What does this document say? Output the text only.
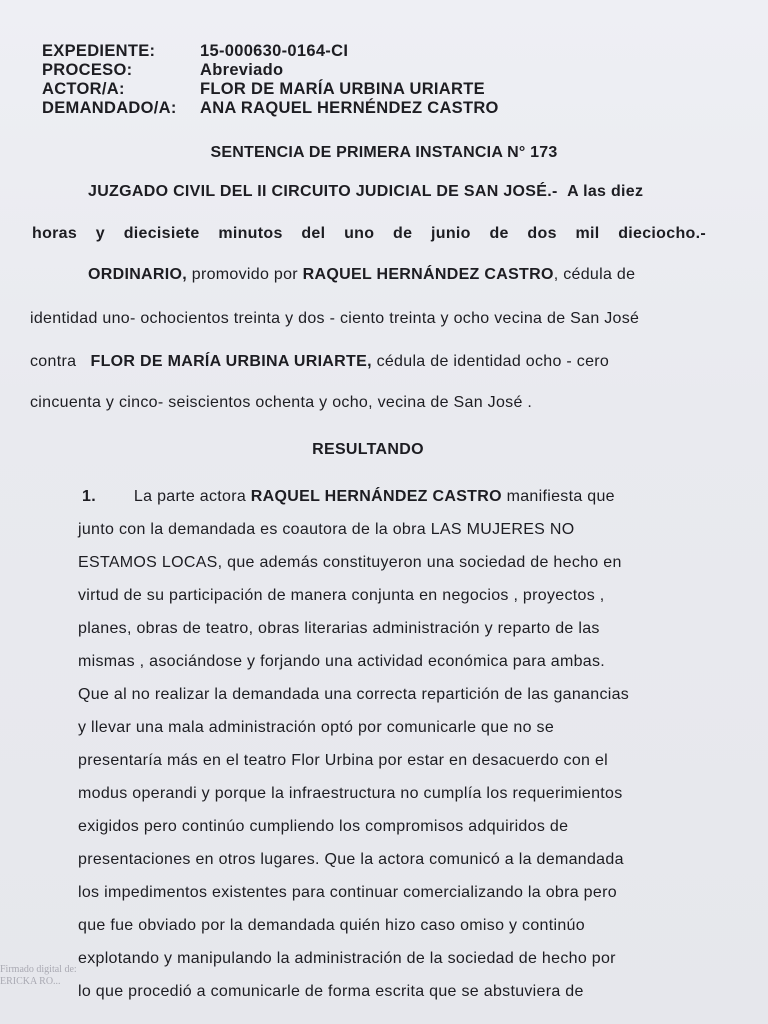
EXPEDIENTE:	15-000630-0164-CI
PROCESO:	Abreviado
ACTOR/A:	FLOR DE MARÍA URBINA URIARTE
DEMANDADO/A:	ANA RAQUEL HERNÉNDEZ CASTRO
SENTENCIA DE PRIMERA INSTANCIA N° 173
JUZGADO CIVIL DEL II CIRCUITO JUDICIAL DE SAN JOSÉ.- A las diez
horas y diecisiete minutos del uno de junio de dos mil dieciocho.-
ORDINARIO, promovido por RAQUEL HERNÁNDEZ CASTRO, cédula de
identidad uno- ochocientos treinta y dos - ciento treinta y ocho vecina de San José
contra FLOR DE MARÍA URBINA URIARTE, cédula de identidad ocho - cero
cincuenta y cinco- seiscientos ochenta y ocho, vecina de San José .
RESULTANDO
1. La parte actora RAQUEL HERNÁNDEZ CASTRO manifiesta que
junto con la demandada es coautora de la obra LAS MUJERES NO
ESTAMOS LOCAS, que además constituyeron una sociedad de hecho en
virtud de su participación de manera conjunta en negocios , proyectos ,
planes, obras de teatro, obras literarias administración y reparto de las
mismas , asociándose y forjando una actividad económica para ambas.
Que al no realizar la demandada una correcta repartición de las ganancias
y llevar una mala administración optó por comunicarle que no se
presentaría más en el teatro Flor Urbina por estar en desacuerdo con el
modus operandi y porque la infraestructura no cumplía los requerimientos
exigidos pero continúo cumpliendo los compromisos adquiridos de
presentaciones en otros lugares. Que la actora comunicó a la demandada
los impedimentos existentes para continuar comercializando la obra pero
que fue obviado por la demandada quién hizo caso omiso y continúo
explotando y manipulando la administración de la sociedad de hecho por
lo que procedió a comunicarle de forma escrita que se abstuviera de
Firmado digital de:
ERICKA RO...
